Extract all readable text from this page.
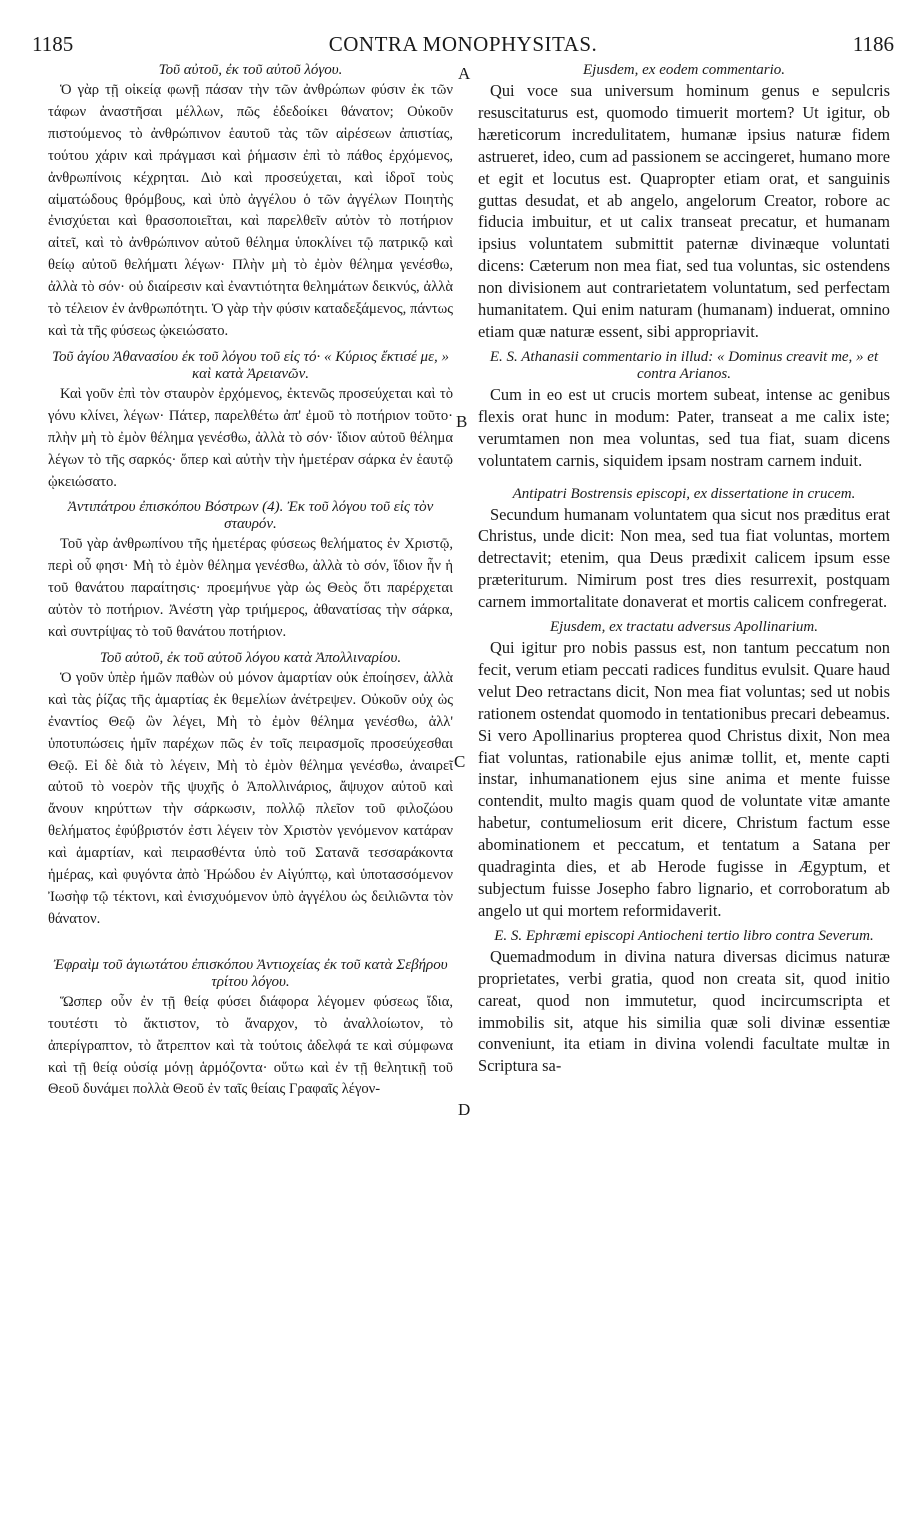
1185	CONTRA MONOPHYSITAS.	1186
A
B
C
D

Τοῦ αὐτοῦ, ἐκ τοῦ αὐτοῦ λόγου.

Ὁ γὰρ τῇ οἰκείᾳ φωνῇ πάσαν τὴν τῶν ἀνθρώπων φύσιν ἐκ τῶν τάφων ἀναστῆσαι μέλλων, πῶς ἐδεδοίκει θάνατον; Οὐκοῦν πιστούμενος τὸ ἀνθρώπινον ἑαυτοῦ τὰς τῶν αἱρέσεων ἀπιστίας, τούτου χάριν καὶ πράγμασι καὶ ῥήμασιν ἐπὶ τὸ πάθος ἐρχόμενος, ἀνθρωπίνοις κέχρηται. Διὸ καὶ προσεύχεται, καὶ ἱδροῖ τοὺς αἱματώδους θρόμβους, καὶ ὑπὸ ἀγγέλου ὁ τῶν ἀγγέλων Ποιητὴς ἐνισχύεται καὶ θρασοποιεῖται, καὶ παρελθεῖν αὐτὸν τὸ ποτήριον αἰτεῖ, καὶ τὸ ἀνθρώπινον αὐτοῦ θέλημα ὑποκλίνει τῷ πατρικῷ καὶ θείῳ αὐτοῦ θελήματι λέγων· Πλὴν μὴ τὸ ἐμὸν θέλημα γενέσθω, ἀλλὰ τὸ σόν· οὐ διαίρεσιν καὶ ἐναντιότητα θελημάτων δεικνύς, ἀλλὰ τὸ τέλειον ἐν ἀνθρωπότητι. Ὁ γὰρ τὴν φύσιν καταδεξάμενος, πάντως καὶ τὰ τῆς φύσεως ᾠκειώσατο.

Τοῦ ἁγίου Ἀθανασίου ἐκ τοῦ λόγου τοῦ εἰς τό· « Κύριος ἔκτισέ με, » καὶ κατὰ Ἀρειανῶν.

Καὶ γοῦν ἐπὶ τὸν σταυρὸν ἐρχόμενος, ἐκτενῶς προσεύχεται καὶ τὸ γόνυ κλίνει, λέγων· Πάτερ, παρελθέτω ἀπ' ἐμοῦ τὸ ποτήριον τοῦτο· πλὴν μὴ τὸ ἐμὸν θέλημα γενέσθω, ἀλλὰ τὸ σόν· ἴδιον αὐτοῦ θέλημα λέγων τὸ τῆς σαρκός· ὅπερ καὶ αὐτὴν τὴν ἡμετέραν σάρκα ἐν ἑαυτῷ ᾠκειώσατο.

Ἀντιπάτρου ἐπισκόπου Βόστρων (4). Ἐκ τοῦ λόγου τοῦ εἰς τὸν σταυρόν.

Τοῦ γὰρ ἀνθρωπίνου τῆς ἡμετέρας φύσεως θελήματος ἐν Χριστῷ, περὶ οὗ φησι· Μὴ τὸ ἐμὸν θέλημα γενέσθω, ἀλλὰ τὸ σόν, ἴδιον ἦν ἡ τοῦ θανάτου παραίτησις· προεμήνυε γὰρ ὡς Θεὸς ὅτι παρέρχεται αὐτὸν τὸ ποτήριον. Ἀνέστη γὰρ τριήμερος, ἀθανατίσας τὴν σάρκα, καὶ συντρίψας τὸ τοῦ θανάτου ποτήριον.

Τοῦ αὐτοῦ, ἐκ τοῦ αὐτοῦ λόγου κατὰ Ἀπολλιναρίου.

Ὁ γοῦν ὑπὲρ ἡμῶν παθὼν οὐ μόνον ἁμαρτίαν οὐκ ἐποίησεν, ἀλλὰ καὶ τὰς ῥίζας τῆς ἁμαρτίας ἐκ θεμελίων ἀνέτρεψεν. Οὐκοῦν οὐχ ὡς ἐναντίος Θεῷ ὢν λέγει, Μὴ τὸ ἐμὸν θέλημα γενέσθω, ἀλλ' ὑποτυπώσεις ἡμῖν παρέχων πῶς ἐν τοῖς πειρασμοῖς προσεύχεσθαι Θεῷ. Εἰ δὲ διὰ τὸ λέγειν, Μὴ τὸ ἐμὸν θέλημα γενέσθω, ἀναιρεῖ αὐτοῦ τὸ νοερὸν τῆς ψυχῆς ὁ Ἀπολλινάριος, ἄψυχον αὐτοῦ καὶ ἄνουν κηρύττων τὴν σάρκωσιν, πολλῷ πλεῖον τοῦ φιλοζώου θελήματος ἐφύβριστόν ἐστι λέγειν τὸν Χριστὸν γενόμενον κατάραν καὶ ἁμαρτίαν, καὶ πειρασθέντα ὑπὸ τοῦ Σατανᾶ τεσσαράκοντα ἡμέρας, καὶ φυγόντα ἀπὸ Ἡρώδου ἐν Αἰγύπτῳ, καὶ ὑποτασσόμενον Ἰωσὴφ τῷ τέκτονι, καὶ ἐνισχυόμενον ὑπὸ ἀγγέλου ὡς δειλιῶντα τὸν θάνατον.

Ἐφραὶμ τοῦ ἁγιωτάτου ἐπισκόπου Ἀντιοχείας ἐκ τοῦ κατὰ Σεβήρου τρίτου λόγου.

Ὥσπερ οὖν ἐν τῇ θείᾳ φύσει διάφορα λέγομεν φύσεως ἴδια, τουτέστι τὸ ἄκτιστον, τὸ ἄναρχον, τὸ ἀναλλοίωτον, τὸ ἀπερίγραπτον, τὸ ἄτρεπτον καὶ τὰ τούτοις ἀδελφά τε καὶ σύμφωνα καὶ τῇ θείᾳ οὐσίᾳ μόνῃ ἁρμόζοντα· οὕτω καὶ ἐν τῇ θελητικῇ τοῦ Θεοῦ δυνάμει πολλὰ Θεοῦ ἐν ταῖς θείαις Γραφαῖς λέγον-

Ejusdem, ex eodem commentario.

Qui voce sua universum hominum genus e sepulcris resuscitaturus est, quomodo timuerit mortem? Ut igitur, ob hæreticorum incredulitatem, humanæ ipsius naturæ fidem astrueret, ideo, cum ad passionem se accingeret, humano more et egit et locutus est. Quapropter etiam orat, et sanguinis guttas desudat, et ab angelo, angelorum Creator, robore ac fiducia imbuitur, et ut calix transeat precatur, et humanam ipsius voluntatem submittit paternæ divinæque voluntati dicens: Cæterum non mea fiat, sed tua voluntas, sic ostendens non divisionem aut contrarietatem voluntatum, sed perfectam humanitatem. Qui enim naturam (humanam) induerat, omnino etiam quæ naturæ essent, sibi appropriavit.

E. S. Athanasii commentario in illud: « Dominus creavit me, » et contra Arianos.

Cum in eo est ut crucis mortem subeat, intense ac genibus flexis orat hunc in modum: Pater, transeat a me calix iste; verumtamen non mea voluntas, sed tua fiat, suam dicens voluntatem carnis, siquidem ipsam nostram carnem induit.

Antipatri Bostrensis episcopi, ex dissertatione in crucem.

Secundum humanam voluntatem qua sicut nos præditus erat Christus, unde dicit: Non mea, sed tua fiat voluntas, mortem detrectavit; etenim, qua Deus prædixit calicem ipsum esse præteriturum. Nimirum post tres dies resurrexit, postquam carnem immortalitate donaverat et mortis calicem confregerat.

Ejusdem, ex tractatu adversus Apollinarium.

Qui igitur pro nobis passus est, non tantum peccatum non fecit, verum etiam peccati radices funditus evulsit. Quare haud velut Deo retractans dicit, Non mea fiat voluntas; sed ut nobis rationem ostendat quomodo in tentationibus precari debeamus. Si vero Apollinarius propterea quod Christus dixit, Non mea fiat voluntas, rationabile ejus animæ tollit, et, mente capti instar, inhumanationem ejus sine anima et mente fuisse contendit, multo magis quam quod de voluntate vitæ amante habetur, contumeliosum erit dicere, Christum factum esse abominationem et peccatum, et tentatum a Satana per quadraginta dies, et ab Herode fugisse in Ægyptum, et subjectum fuisse Josepho fabro lignario, et corroboratum ab angelo ut qui mortem reformidaverit.

E. S. Ephræmi episcopi Antiocheni tertio libro contra Severum.

Quemadmodum in divina natura diversas dicimus naturæ proprietates, verbi gratia, quod non creata sit, quod initio careat, quod non immutetur, quod incircumscripta et immobilis sit, atque his similia quæ soli divinæ essentiæ conveniunt, ita etiam in divina volendi facultate multæ in Scriptura sa-
